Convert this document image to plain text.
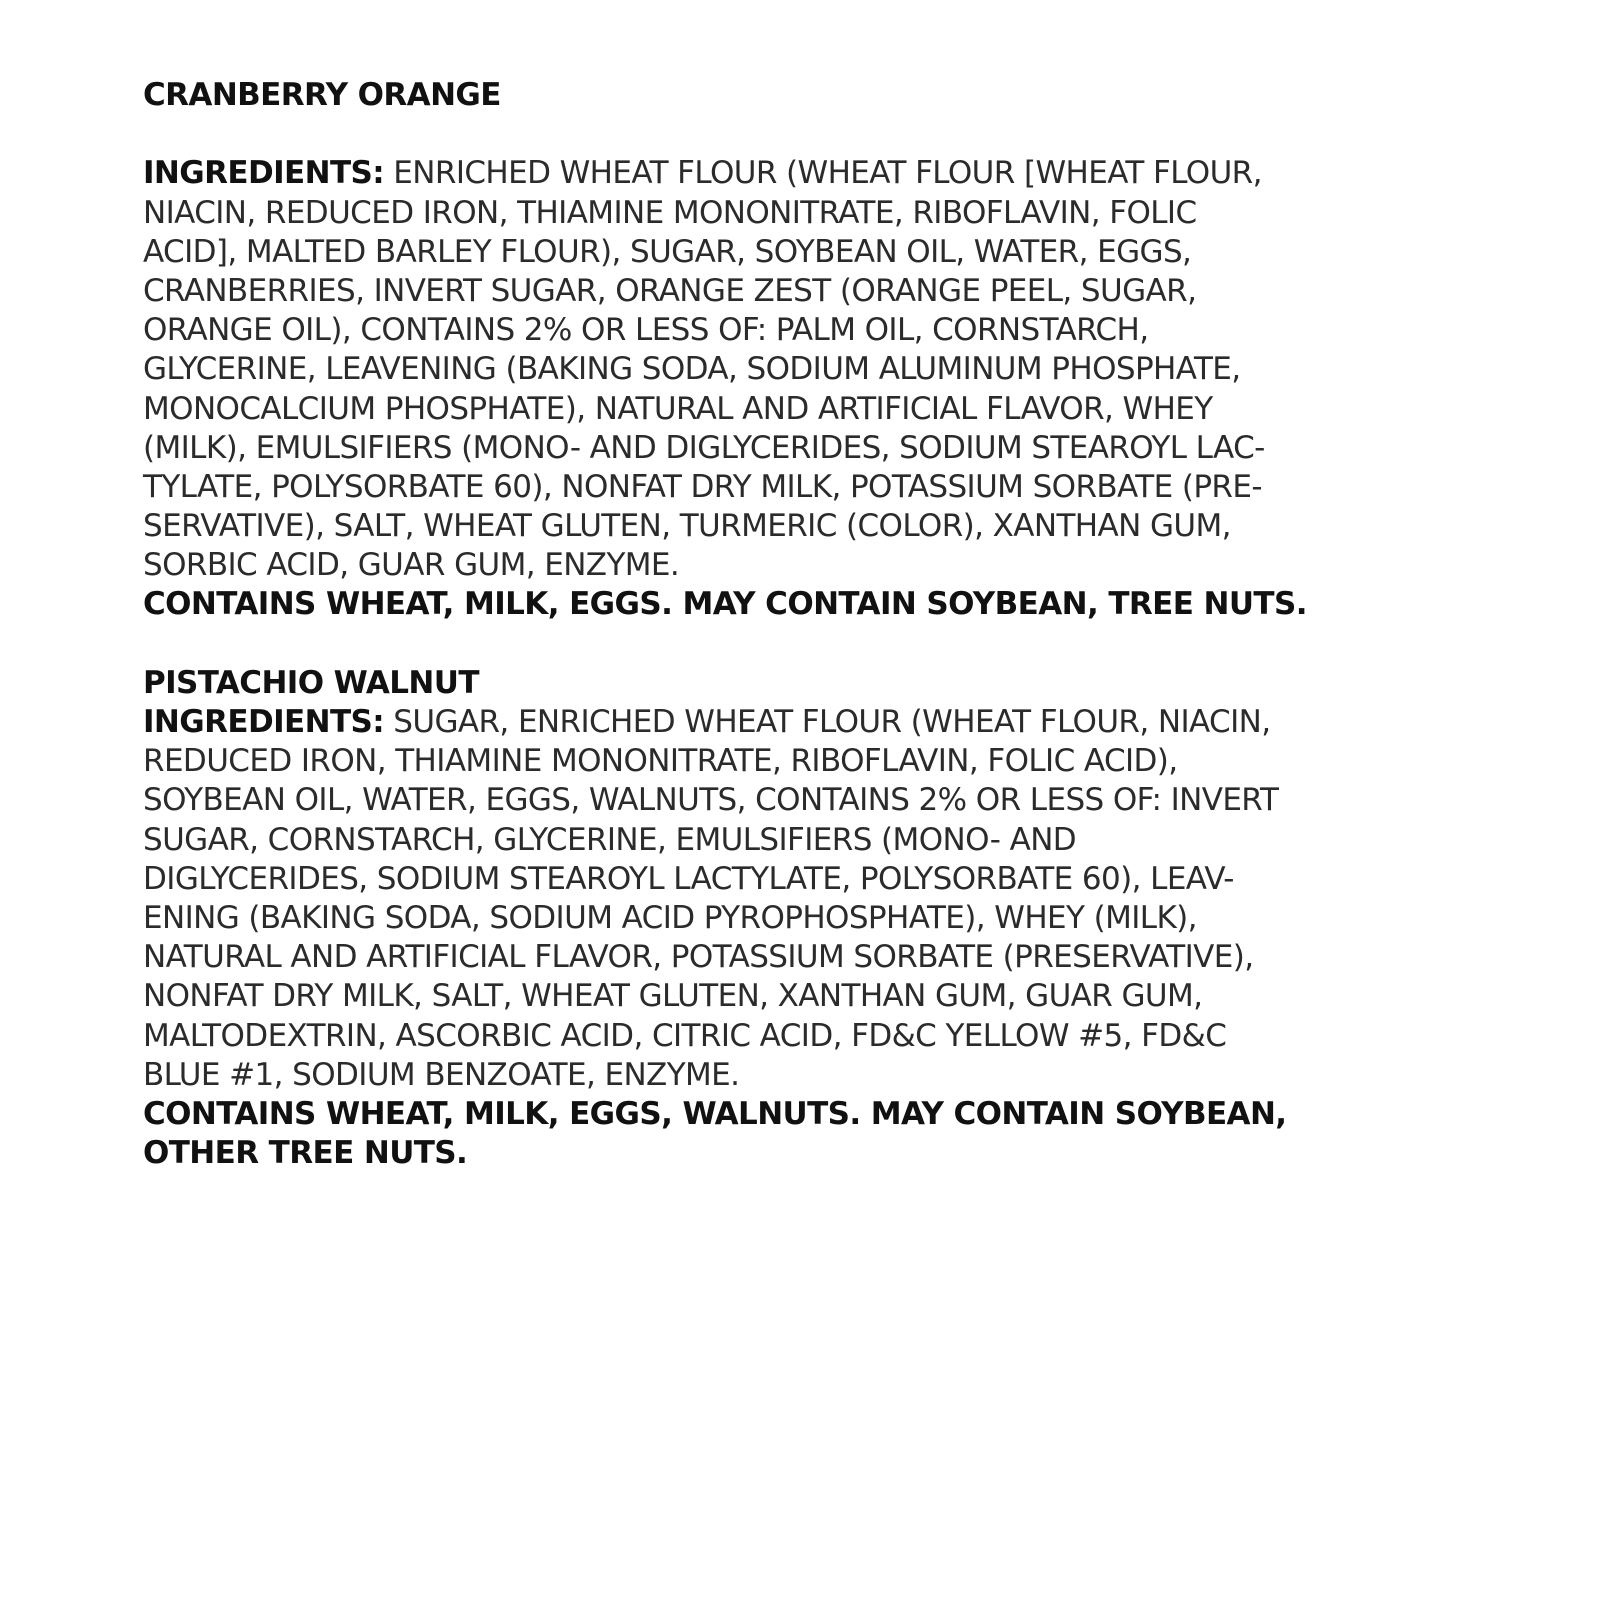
CRANBERRY ORANGE
INGREDIENTS: ENRICHED WHEAT FLOUR (WHEAT FLOUR [WHEAT FLOUR,
NIACIN, REDUCED IRON, THIAMINE MONONITRATE, RIBOFLAVIN, FOLIC
ACID], MALTED BARLEY FLOUR), SUGAR, SOYBEAN OIL, WATER, EGGS,
CRANBERRIES, INVERT SUGAR, ORANGE ZEST (ORANGE PEEL, SUGAR,
ORANGE OIL), CONTAINS 2% OR LESS OF: PALM OIL, CORNSTARCH,
GLYCERINE, LEAVENING (BAKING SODA, SODIUM ALUMINUM PHOSPHATE,
MONOCALCIUM PHOSPHATE), NATURAL AND ARTIFICIAL FLAVOR, WHEY
(MILK), EMULSIFIERS (MONO- AND DIGLYCERIDES, SODIUM STEAROYL LAC-
TYLATE, POLYSORBATE 60), NONFAT DRY MILK, POTASSIUM SORBATE (PRE-
SERVATIVE), SALT, WHEAT GLUTEN, TURMERIC (COLOR), XANTHAN GUM,
SORBIC ACID, GUAR GUM, ENZYME.
CONTAINS WHEAT, MILK, EGGS. MAY CONTAIN SOYBEAN, TREE NUTS.
PISTACHIO WALNUT
INGREDIENTS: SUGAR, ENRICHED WHEAT FLOUR (WHEAT FLOUR, NIACIN,
REDUCED IRON, THIAMINE MONONITRATE, RIBOFLAVIN, FOLIC ACID),
SOYBEAN OIL, WATER, EGGS, WALNUTS, CONTAINS 2% OR LESS OF: INVERT
SUGAR, CORNSTARCH, GLYCERINE, EMULSIFIERS (MONO- AND
DIGLYCERIDES, SODIUM STEAROYL LACTYLATE, POLYSORBATE 60), LEAV-
ENING (BAKING SODA, SODIUM ACID PYROPHOSPHATE), WHEY (MILK),
NATURAL AND ARTIFICIAL FLAVOR, POTASSIUM SORBATE (PRESERVATIVE),
NONFAT DRY MILK, SALT, WHEAT GLUTEN, XANTHAN GUM, GUAR GUM,
MALTODEXTRIN, ASCORBIC ACID, CITRIC ACID, FD&C YELLOW #5, FD&C
BLUE #1, SODIUM BENZOATE, ENZYME.
CONTAINS WHEAT, MILK, EGGS, WALNUTS. MAY CONTAIN SOYBEAN,
OTHER TREE NUTS.
